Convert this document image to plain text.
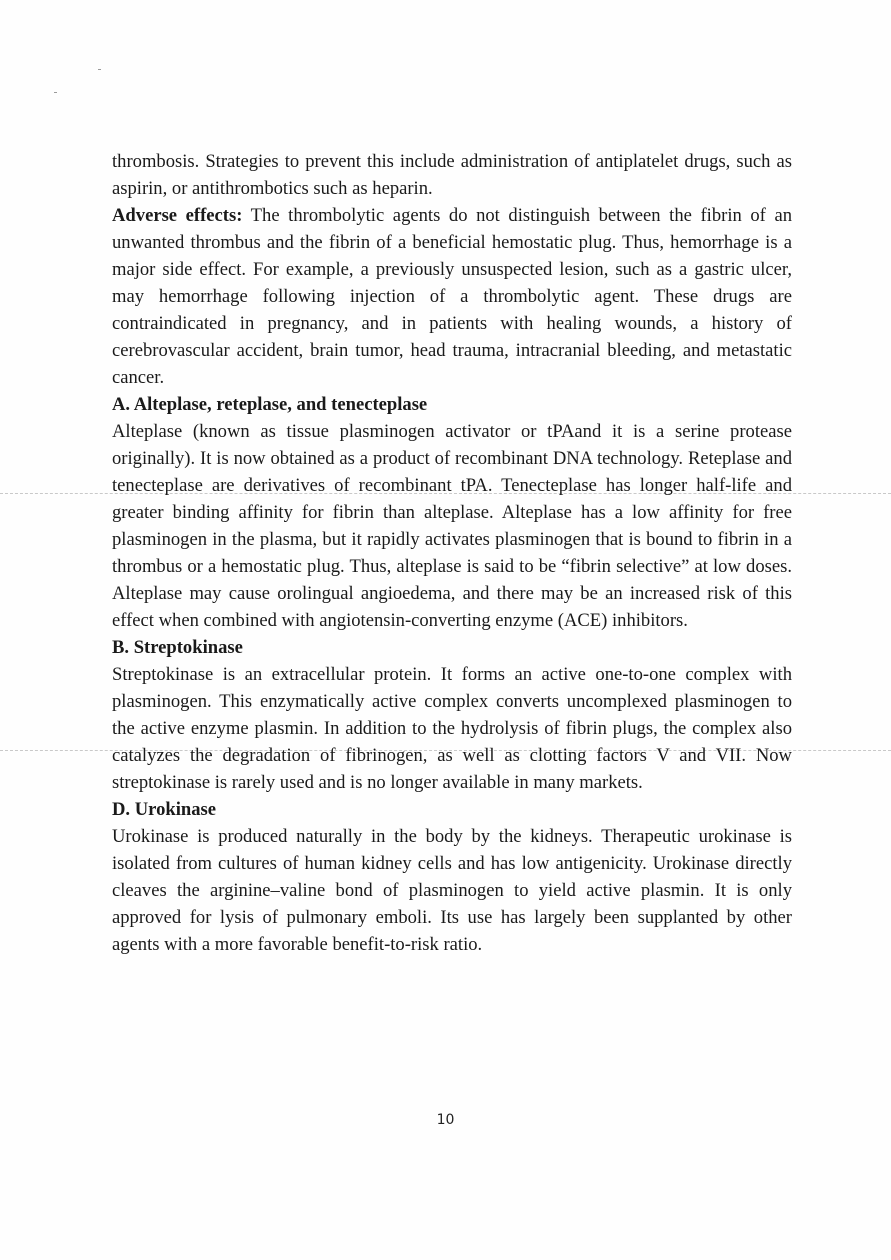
thrombosis. Strategies to prevent this include administration of antiplatelet drugs, such as aspirin, or antithrombotics such as heparin.

Adverse effects: The thrombolytic agents do not distinguish between the fibrin of an unwanted thrombus and the fibrin of a beneficial hemostatic plug. Thus, hemorrhage is a major side effect. For example, a previously unsuspected lesion, such as a gastric ulcer, may hemorrhage following injection of a thrombolytic agent. These drugs are contraindicated in pregnancy, and in patients with healing wounds, a history of cerebrovascular accident, brain tumor, head trauma, intracranial bleeding, and metastatic cancer.

A. Alteplase, reteplase, and tenecteplase

Alteplase (known as tissue plasminogen activator or tPAand it is a serine protease originally). It is now obtained as a product of recombinant DNA technology. Reteplase and tenecteplase are derivatives of recombinant tPA. Tenecteplase has longer half-life and greater binding affinity for fibrin than alteplase. Alteplase has a low affinity for free plasminogen in the plasma, but it rapidly activates plasminogen that is bound to fibrin in a thrombus or a hemostatic plug. Thus, alteplase is said to be “fibrin selective” at low doses. Alteplase may cause orolingual angioedema, and there may be an increased risk of this effect when combined with angiotensin-converting enzyme (ACE) inhibitors.

B. Streptokinase

Streptokinase is an extracellular protein. It forms an active one-to-one complex with plasminogen. This enzymatically active complex converts uncomplexed plasminogen to the active enzyme plasmin. In addition to the hydrolysis of fibrin plugs, the complex also catalyzes the degradation of fibrinogen, as well as clotting factors V and VII. Now streptokinase is rarely used and is no longer available in many markets.

D. Urokinase

Urokinase is produced naturally in the body by the kidneys. Therapeutic urokinase is isolated from cultures of human kidney cells and has low antigenicity. Urokinase directly cleaves the arginine–valine bond of plasminogen to yield active plasmin. It is only approved for lysis of pulmonary emboli. Its use has largely been supplanted by other agents with a more favorable benefit-to-risk ratio.

10
